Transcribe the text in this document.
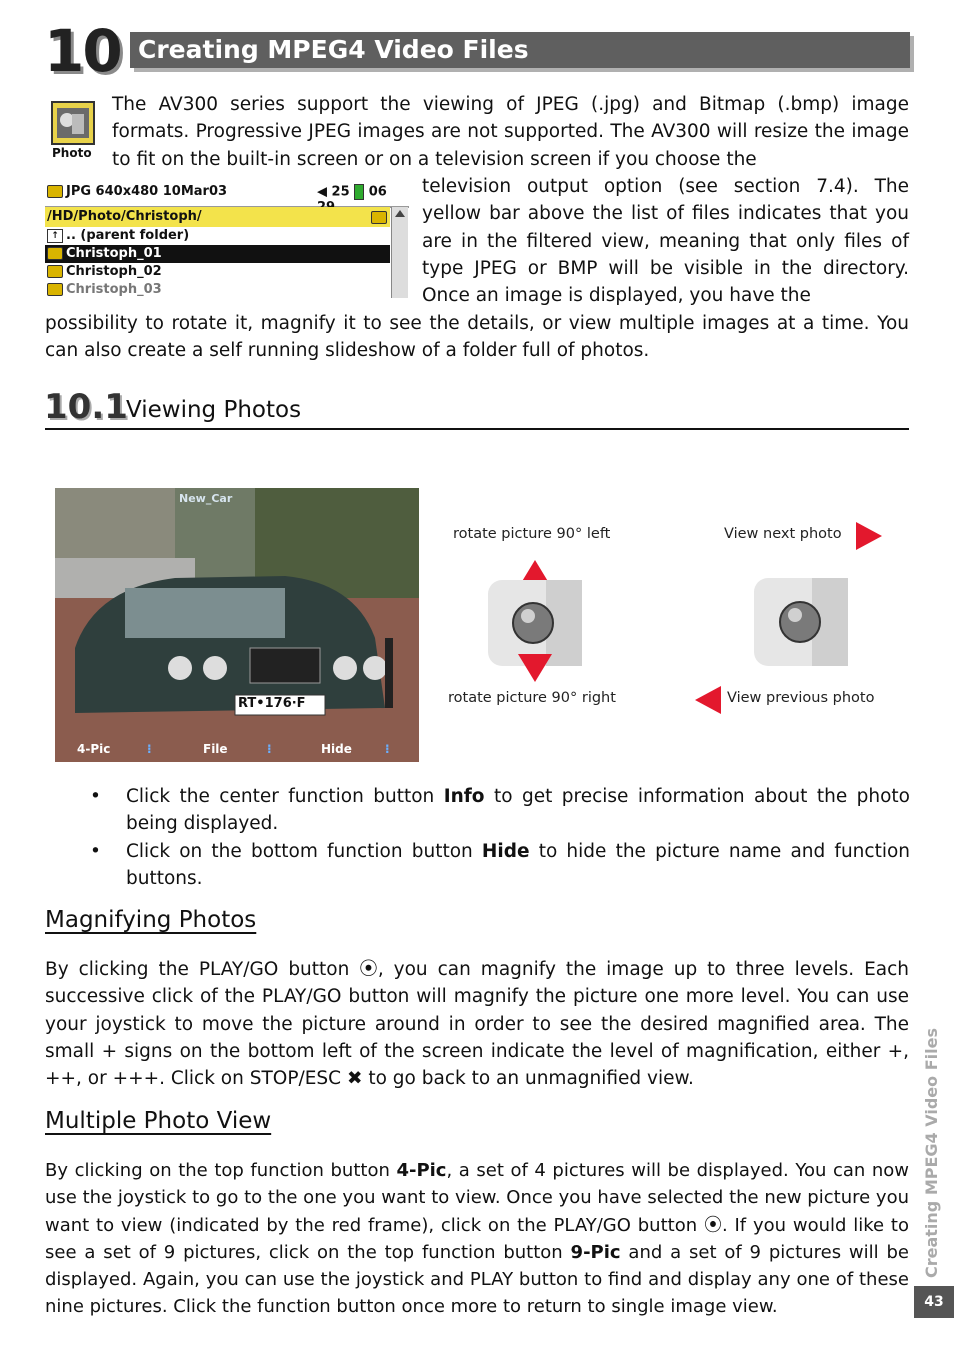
10 Creating MPEG4 Video Files
Photo
The AV300 series support the viewing of JPEG (.jpg) and Bitmap (.bmp) image formats. Progressive JPEG images are not supported. The AV300 will resize the image to fit on the built-in screen or on a television screen if you choose the
JPG 640x480 10Mar03	◀ 25 06
/HD/Photo/Christoph/
↑ .. (parent folder)
Christoph_01
Christoph_02
Christoph_03
television output option (see section 7.4). The yellow bar above the list of files indicates that you are in the filtered view, meaning that only files of type JPEG or BMP will be visible in the directory. Once an image is displayed, you have the
possibility to rotate it, magnify it to see the details, or view multiple images at a time. You can also create a self running slideshow of a folder full of photos.
10.1
Viewing Photos
New_Car
RT•176·F
4-Pic	⁝	File	⁝	Hide	⁝
rotate picture 90° left	View next photo
rotate picture 90° right	View previous photo
• Click the center function button Info to get precise information about the photo being displayed.
• Click on the bottom function button Hide to hide the picture name and function buttons.
Magnifying Photos
By clicking the PLAY/GO button ⦿, you can magnify the image up to three levels. Each successive click of the PLAY/GO button will magnify the picture one more level. You can use your joystick to move the picture around in order to see the desired magnified area. The small + signs on the bottom left of the screen indicate the level of magnification, either +, ++, or +++. Click on STOP/ESC ✖ to go back to an unmagnified view.
Multiple Photo View
By clicking on the top function button 4-Pic, a set of 4 pictures will be displayed. You can now use the joystick to go to the one you want to view. Once you have selected the new picture you want to view (indicated by the red frame), click on the PLAY/GO button ⦿. If you would like to see a set of 9 pictures, click on the top function button 9-Pic and a set of 9 pictures will be displayed. Again, you can use the joystick and PLAY button to find and display any one of these nine pictures. Click the function button once more to return to single image view.
Creating MPEG4 Video Files
43
